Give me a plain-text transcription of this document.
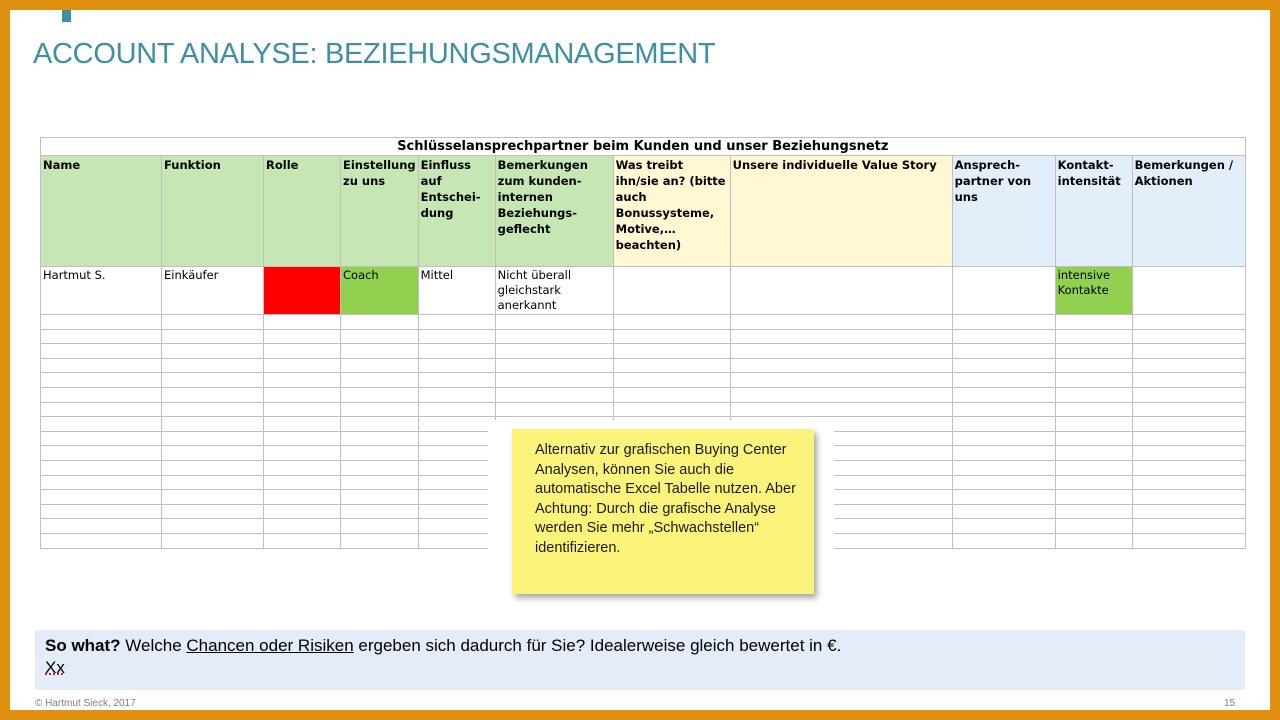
ACCOUNT ANALYSE: BEZIEHUNGSMANAGEMENT
Schlüsselansprechpartner beim Kunden und unser Beziehungsnetz										
Name	Funktion	Rolle	Einstellung zu uns	Einfluss auf Entschei-dung	Bemerkungen zum kunden-internen Beziehungs-geflecht	Was treibt ihn/sie an? (bitte auch Bonussysteme, Motive,… beachten)	Unsere individuelle Value Story	Ansprech-partner von uns	Kontakt-intensität	Bemerkungen / Aktionen
Hartmut S.	Einkäufer		Coach	Mittel	Nicht überall gleichstark anerkannt				intensive Kontakte	

Alternativ zur grafischen Buying Center Analysen, können Sie auch die automatische Excel Tabelle nutzen. Aber Achtung: Durch die grafische Analyse werden Sie mehr „Schwachstellen“ identifizieren.
So what? Welche Chancen oder Risiken ergeben sich dadurch für Sie? Idealerweise gleich bewertet in €.
Xx
© Hartmut Sieck, 2017	15
